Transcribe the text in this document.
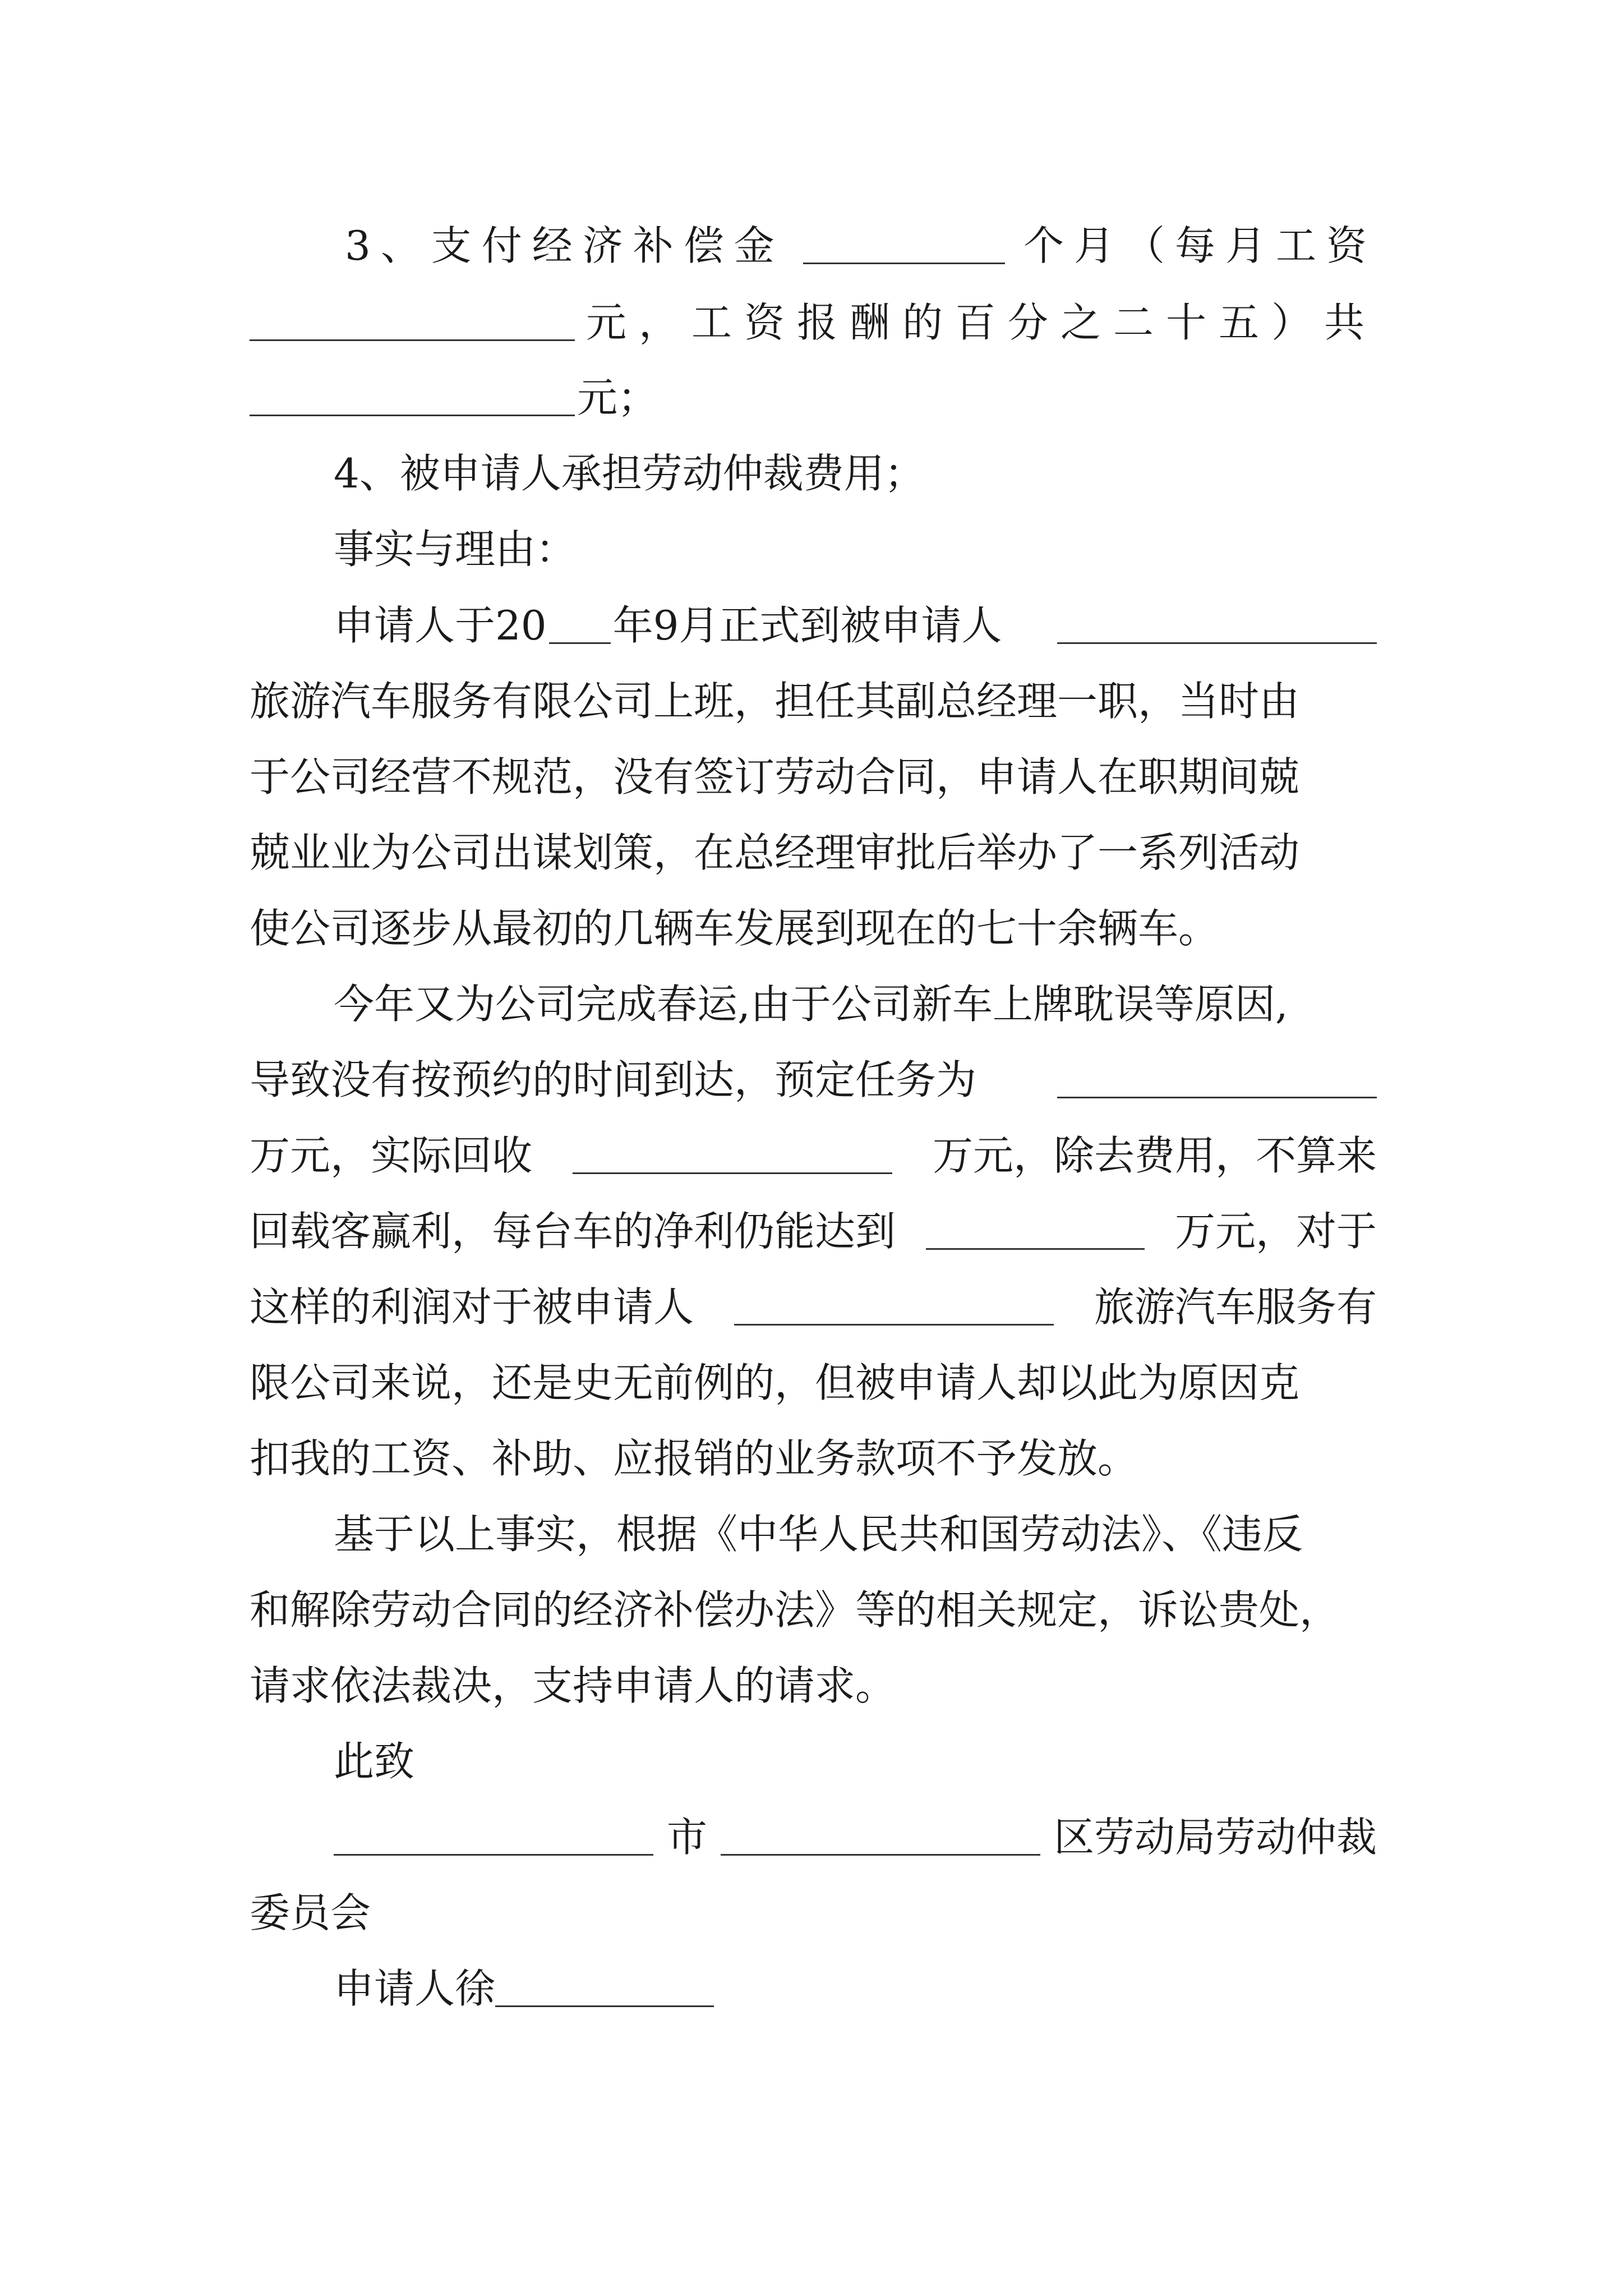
3、支付经济补偿金	个月（每月工资
元，工资报酬的百分之二十五）共
元；
4、被申请人承担劳动仲裁费用；
事实与理由：
申请人于20 年9月正式到被申请人
旅游汽车服务有限公司上班，担任其副总经理一职，当时由
于公司经营不规范，没有签订劳动合同，申请人在职期间兢
兢业业为公司出谋划策，在总经理审批后举办了一系列活动
使公司逐步从最初的几辆车发展到现在的七十余辆车。
今年又为公司完成春运,由于公司新车上牌耽误等原因,
导致没有按预约的时间到达，预定任务为
万元，实际回收	万元，除去费用，不算来
回载客赢利，每台车的净利仍能达到	万元，对于
这样的利润对于被申请人	旅游汽车服务有
限公司来说，还是史无前例的，但被申请人却以此为原因克
扣我的工资、补助、应报销的业务款项不予发放。
基于以上事实，根据《中华人民共和国劳动法》、《违反
和解除劳动合同的经济补偿办法》等的相关规定，诉讼贵处，
请求依法裁决，支持申请人的请求。
此致
市	区劳动局劳动仲裁
委员会
申请人徐
